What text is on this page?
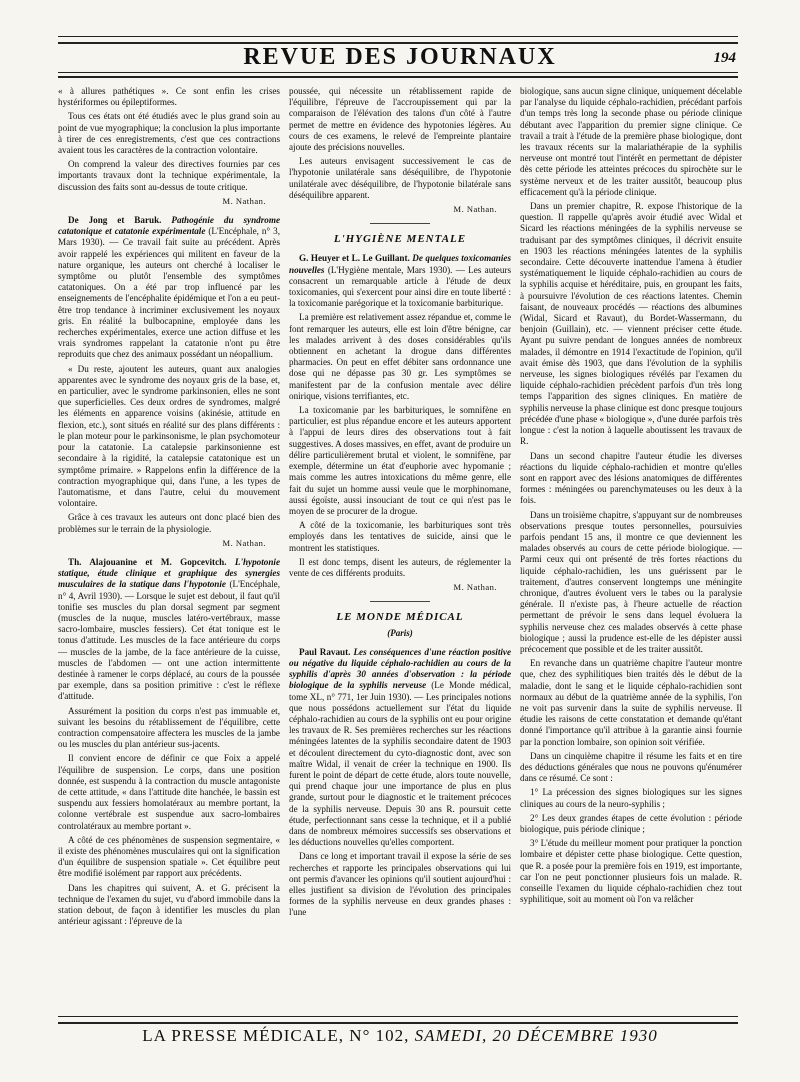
REVUE DES JOURNAUX	194

« à allures pathétiques ». Ce sont enfin les crises hystériformes ou épileptiformes.

Tous ces états ont été étudiés avec le plus grand soin au point de vue myographique; la conclusion la plus importante à tirer de ces enregistrements, c'est que ces contractions avaient tous les caractères de la contraction volontaire.

On comprend la valeur des directives fournies par ces importants travaux dont la technique expérimentale, la discussion des faits sont au-dessus de toute critique.

M. Nathan.

De Jong et Baruk. Pathogénie du syndrome catatonique et catatonie expérimentale (L'Encéphale, n° 3, Mars 1930). — Ce travail fait suite au précédent. Après avoir rappelé les expériences qui militent en faveur de la nature organique, les auteurs ont cherché à localiser le symptôme ou plutôt l'ensemble des symptômes catatoniques. On a été par trop influencé par les enseignements de l'encéphalite épidémique et l'on a eu peut-être trop tendance à incriminer exclusivement les noyaux gris. En réalité la bulbocapnine, employée dans les recherches expérimentales, exerce une action diffuse et les vrais syndromes rappelant la catatonie n'ont pu être reproduits que chez des animaux possédant un néopallium.

« Du reste, ajoutent les auteurs, quant aux analogies apparentes avec le syndrome des noyaux gris de la base, et, en particulier, avec le syndrome parkinsonien, elles ne sont que superficielles. Ces deux ordres de syndromes, malgré les éléments en apparence voisins (akinésie, attitude en flexion, etc.), sont situés en réalité sur des plans différents : le plan moteur pour le parkinsonisme, le plan psychomoteur pour la catatonie. La catalepsie parkinsonienne est secondaire à la rigidité, la catalepsie catatonique est un symptôme primaire. » Rappelons enfin la différence de la contraction myographique qui, dans l'une, a les types de l'automatisme, et dans l'autre, celui du mouvement volontaire.

Grâce à ces travaux les auteurs ont donc placé bien des problèmes sur le terrain de la physiologie.

M. Nathan.

Th. Alajouanine et M. Gopcevitch. L'hypotonie statique, étude clinique et graphique des synergies musculaires de la statique dans l'hypotonie (L'Encéphale, n° 4, Avril 1930). — Lorsque le sujet est debout, il faut qu'il tonifie ses muscles du plan dorsal segment par segment (muscles de la nuque, muscles latéro-vertébraux, masse sacro-lombaire, muscles fessiers). Cet état tonique est le tonus d'attitude. Les muscles de la face antérieure du corps — muscles de la jambe, de la face antérieure de la cuisse, muscles de l'abdomen — ont une action intermittente destinée à ramener le corps déplacé, au cours de la poussée par exemple, dans sa position primitive : c'est le réflexe d'attitude.

Assurément la position du corps n'est pas immuable et, suivant les besoins du rétablissement de l'équilibre, cette contraction compensatoire affectera les muscles de la jambe ou les muscles du plan antérieur sus-jacents.

Il convient encore de définir ce que Foix a appelé l'équilibre de suspension. Le corps, dans une position donnée, est suspendu à la contraction du muscle antagoniste de cette attitude, « dans l'attitude dite hanchée, le bassin est suspendu aux fessiers homolatéraux au membre portant, la colonne vertébrale est suspendue aux sacro-lombaires controlatéraux au membre portant ».

A côté de ces phénomènes de suspension segmentaire, « il existe des phénomènes musculaires qui ont la signification d'un équilibre de suspension spatiale ». Cet équilibre peut être modifié isolément par rapport aux précédents.

Dans les chapitres qui suivent, A. et G. précisent la technique de l'examen du sujet, vu d'abord immobile dans la station debout, de façon à identifier les muscles du plan antérieur agissant : l'épreuve de la

poussée, qui nécessite un rétablissement rapide de l'équilibre, l'épreuve de l'accroupissement qui par la comparaison de l'élévation des talons d'un côté à l'autre permet de mettre en évidence des hypotonies légères. Au cours de ces examens, le relevé de l'empreinte plantaire ajoute des précisions nouvelles.

Les auteurs envisagent successivement le cas de l'hypotonie unilatérale sans déséquilibre, de l'hypotonie unilatérale avec déséquilibre, de l'hypotonie bilatérale sans déséquilibre apparent.

M. Nathan.
L'HYGIÈNE MENTALE

G. Heuyer et L. Le Guillant. De quelques toxicomanies nouvelles (L'Hygiène mentale, Mars 1930). — Les auteurs consacrent un remarquable article à l'étude de deux toxicomanies, qui s'exercent pour ainsi dire en toute liberté : la toxicomanie parégorique et la toxicomanie barbiturique.

La première est relativement assez répandue et, comme le font remarquer les auteurs, elle est loin d'être bénigne, car les malades arrivent à des doses considérables qu'ils obtiennent en achetant la drogue dans différentes pharmacies. On peut en effet débiter sans ordonnance une dose qui ne dépasse pas 30 gr. Les symptômes se manifestent par de la confusion mentale avec délire onirique, visions terrifiantes, etc.

La toxicomanie par les barbituriques, le somnifène en particulier, est plus répandue encore et les auteurs apportent à l'appui de leurs dires des observations tout à fait suggestives. A doses massives, en effet, avant de produire un délire particulièrement brutal et violent, le somnifène, par exemple, détermine un état d'euphorie avec hypomanie ; mais comme les autres intoxications du même genre, elle fait du sujet un homme aussi veule que le morphinomane, aussi égoïste, aussi insouciant de tout ce qui n'est pas le moyen de se procurer de la drogue.

A côté de la toxicomanie, les barbituriques sont très employés dans les tentatives de suicide, ainsi que le montrent les statistiques.

Il est donc temps, disent les auteurs, de réglementer la vente de ces différents produits.

M. Nathan.
LE MONDE MÉDICAL
(Paris)

Paul Ravaut. Les conséquences d'une réaction positive ou négative du liquide céphalo-rachidien au cours de la syphilis d'après 30 années d'observation : la période biologique de la syphilis nerveuse (Le Monde médical, tome XL, n° 771, 1er Juin 1930). — Les principales notions que nous possédons actuellement sur l'état du liquide céphalo-rachidien au cours de la syphilis ont eu pour origine les travaux de R. Ses premières recherches sur les réactions méningées latentes de la syphilis secondaire datent de 1903 et découlent directement du cyto-diagnostic dont, avec son maître Widal, il venait de créer la technique en 1900. Ils furent le point de départ de cette étude, alors toute nouvelle, qui prend chaque jour une importance de plus en plus grande, surtout pour le diagnostic et le traitement précoces de la syphilis nerveuse. Depuis 30 ans R. poursuit cette étude, perfectionnant sans cesse la technique, et il a publié dans de nombreux mémoires successifs ses observations et les déductions nouvelles qu'elles comportent.

Dans ce long et important travail il expose la série de ses recherches et rapporte les principales observations qui lui ont permis d'avancer les opinions qu'il soutient aujourd'hui : elles justifient sa division de l'évolution des principales formes de la syphilis nerveuse en deux grandes phases : l'une

biologique, sans aucun signe clinique, uniquement décelable par l'analyse du liquide céphalo-rachidien, précédant parfois d'un temps très long la seconde phase ou période clinique débutant avec l'apparition du premier signe clinique. Ce travail a trait à l'étude de la première phase biologique, dont les travaux récents sur la malariathérapie de la syphilis nerveuse ont montré tout l'intérêt en permettant de dépister dès cette période les atteintes précoces du spirochète sur le système nerveux et de les traiter aussitôt, beaucoup plus efficacement qu'à la période clinique.

Dans un premier chapitre, R. expose l'historique de la question. Il rappelle qu'après avoir étudié avec Widal et Sicard les réactions méningées de la syphilis nerveuse se traduisant par des symptômes cliniques, il décrivit ensuite en 1903 les réactions méningées latentes de la syphilis secondaire. Cette découverte inattendue l'amena à étudier systématiquement le liquide céphalo-rachidien au cours de la syphilis acquise et héréditaire, puis, en groupant les faits, à poursuivre l'évolution de ces réactions latentes. Chemin faisant, de nouveaux procédés — réactions des albumines (Widal, Sicard et Ravaut), du Bordet-Wassermann, du benjoin (Guillain), etc. — viennent préciser cette étude. Ayant pu suivre pendant de longues années de nombreux malades, il démontre en 1914 l'exactitude de l'opinion, qu'il avait émise dès 1903, que dans l'évolution de la syphilis nerveuse, les signes biologiques révélés par l'examen du liquide céphalo-rachidien précèdent parfois d'un très long temps l'apparition des signes cliniques. En matière de syphilis nerveuse la phase clinique est donc presque toujours précédée d'une phase « biologique », d'une durée parfois très longue : c'est la notion à laquelle aboutissent les travaux de R.

Dans un second chapitre l'auteur étudie les diverses réactions du liquide céphalo-rachidien et montre qu'elles sont en rapport avec des lésions anatomiques de différentes formes : méningées ou parenchymateuses ou les deux à la fois.

Dans un troisième chapitre, s'appuyant sur de nombreuses observations presque toutes personnelles, poursuivies parfois pendant 15 ans, il montre ce que deviennent les malades observés au cours de cette période biologique. — Parmi ceux qui ont présenté de très fortes réactions du liquide céphalo-rachidien, les uns guérissent par le traitement, d'autres conservent longtemps une méningite chronique, d'autres évoluent vers le tabes ou la paralysie générale. Il n'existe pas, à l'heure actuelle de réaction permettant de prévoir le sens dans lequel évoluera la syphilis nerveuse chez ces malades observés à cette phase biologique ; aussi la prudence est-elle de les dépister aussi précocement que possible et de les traiter aussitôt.

En revanche dans un quatrième chapitre l'auteur montre que, chez des syphilitiques bien traités dès le début de la maladie, dont le sang et le liquide céphalo-rachidien sont normaux au début de la quatrième année de la syphilis, l'on ne voit pas survenir dans la suite de syphilis nerveuse. Il étudie les raisons de cette constatation et demande qu'étant donné l'importance qu'il attribue à la garantie ainsi fournie par la ponction lombaire, son opinion soit vérifiée.

Dans un cinquième chapitre il résume les faits et en tire des déductions générales que nous ne pouvons qu'énumérer dans ce résumé. Ce sont :

1° La précession des signes biologiques sur les signes cliniques au cours de la neuro-syphilis ;

2° Les deux grandes étapes de cette évolution : période biologique, puis période clinique ;

3° L'étude du meilleur moment pour pratiquer la ponction lombaire et dépister cette phase biologique. Cette question, que R. a posée pour la première fois en 1919, est importante, car l'on ne peut ponctionner plusieurs fois un malade. R. conseille l'examen du liquide céphalo-rachidien chez tout syphilitique, soit au moment où l'on va relâcher

LA PRESSE MÉDICALE, N° 102, SAMEDI, 20 DÉCEMBRE 1930
